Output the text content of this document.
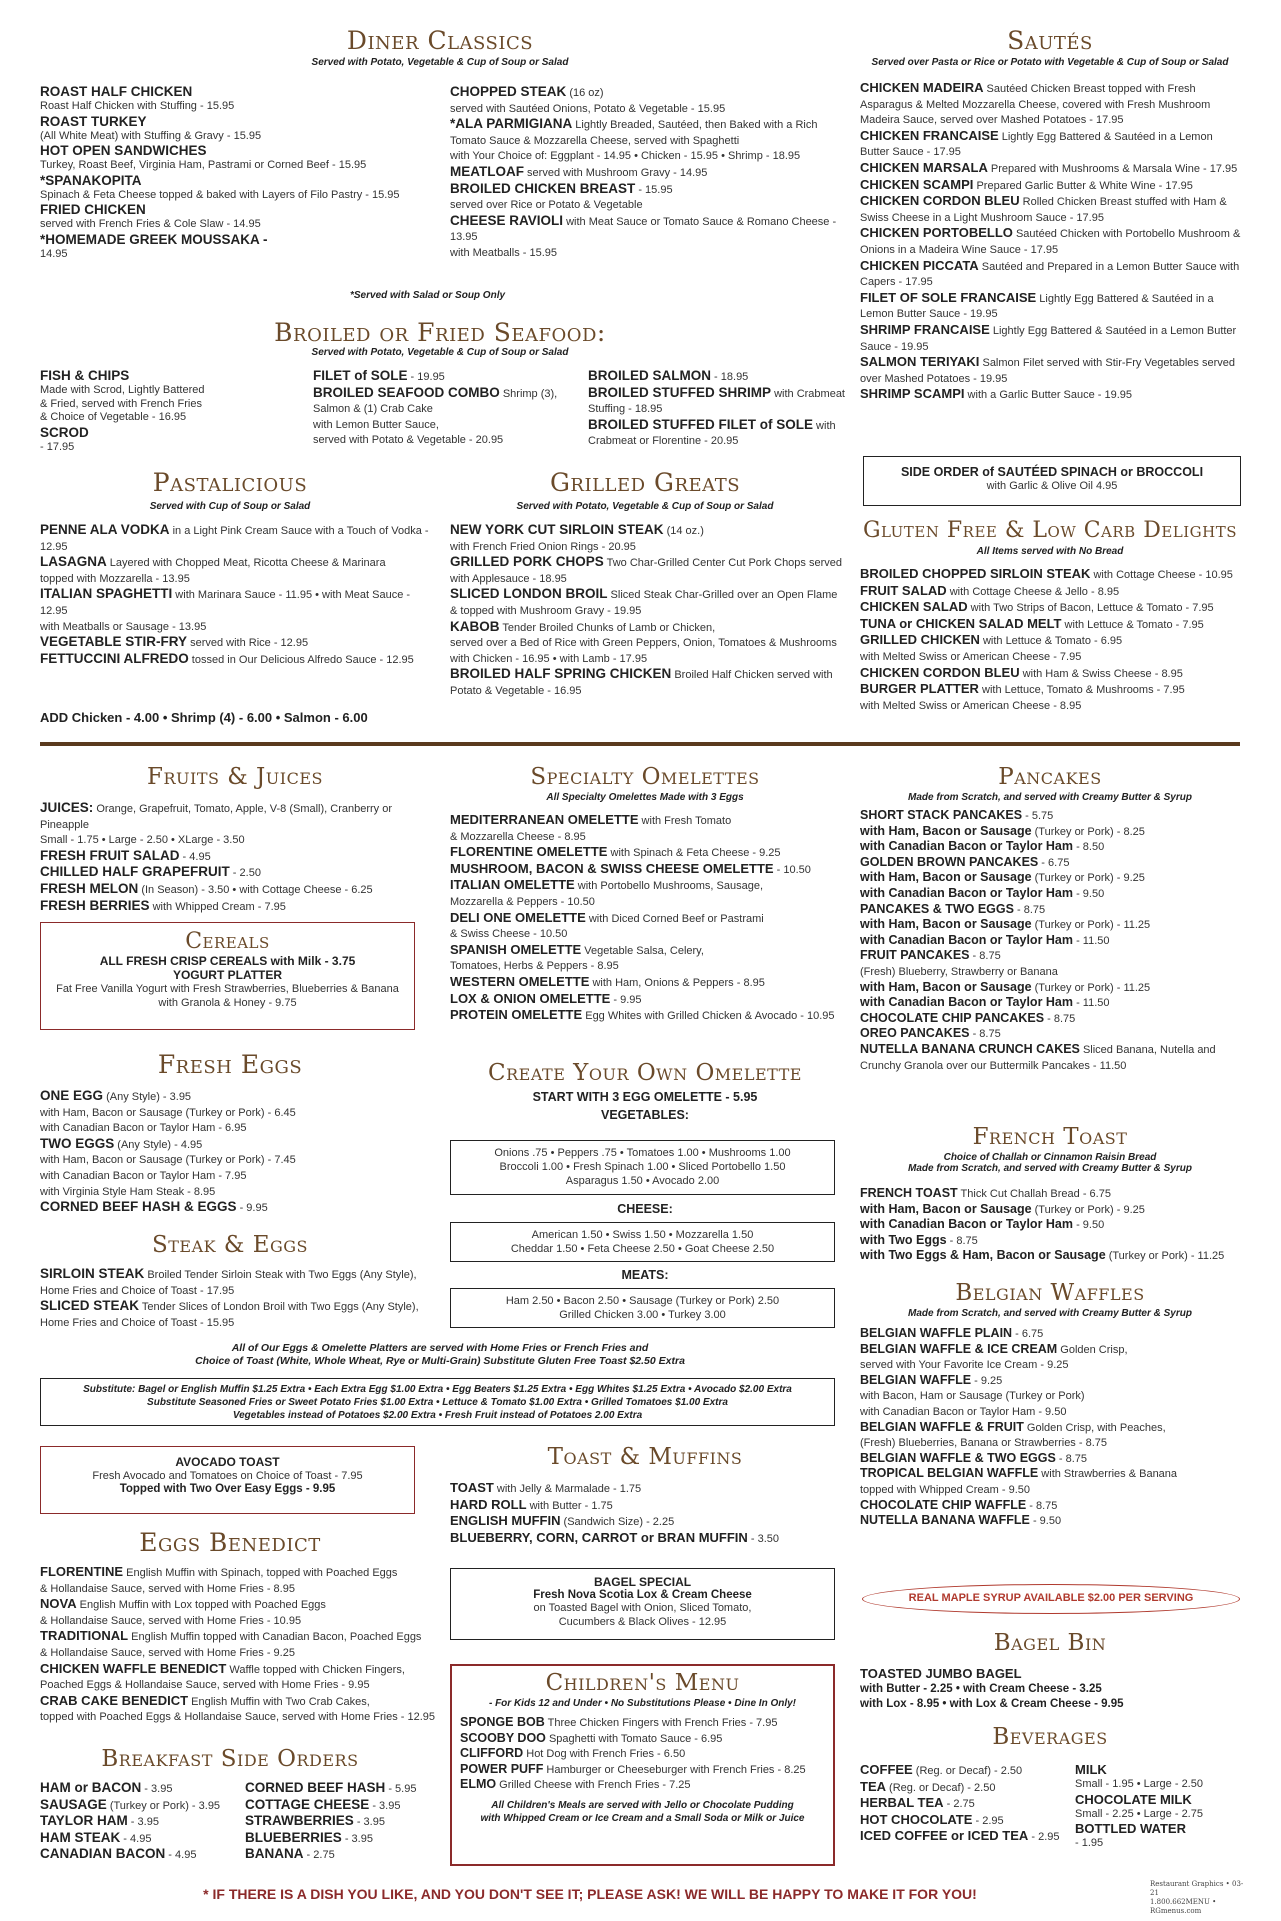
Diner Classics
Served with Potato, Vegetable & Cup of Soup or Salad
ROAST HALF CHICKEN
Roast Half Chicken with Stuffing - 15.95
ROAST TURKEY
(All White Meat) with Stuffing & Gravy - 15.95
HOT OPEN SANDWICHES
Turkey, Roast Beef, Virginia Ham, Pastrami or Corned Beef - 15.95
*SPANAKOPITA
Spinach & Feta Cheese topped & baked with Layers of Filo Pastry - 15.95
FRIED CHICKEN
served with French Fries & Cole Slaw - 14.95
*HOMEMADE GREEK MOUSSAKA -
14.95
CHOPPED STEAK (16 oz)
served with Sautéed Onions, Potato & Vegetable - 15.95
*ALA PARMIGIANA Lightly Breaded, Sautéed, then Baked with a Rich Tomato Sauce & Mozzarella Cheese, served with Spaghetti
with Your Choice of: Eggplant - 14.95 • Chicken - 15.95 • Shrimp - 18.95
MEATLOAF served with Mushroom Gravy - 14.95
BROILED CHICKEN BREAST - 15.95
served over Rice or Potato & Vegetable
CHEESE RAVIOLI with Meat Sauce or Tomato Sauce & Romano Cheese - 13.95
with Meatballs - 15.95
*Served with Salad or Soup Only
Broiled or Fried Seafood:
Served with Potato, Vegetable & Cup of Soup or Salad
FISH & CHIPS
Made with Scrod, Lightly Battered
& Fried, served with French Fries
& Choice of Vegetable - 16.95
SCROD
- 17.95
FILET of SOLE - 19.95
BROILED SEAFOOD COMBO Shrimp (3), Salmon & (1) Crab Cake
with Lemon Butter Sauce,
served with Potato & Vegetable - 20.95
BROILED SALMON - 18.95
BROILED STUFFED SHRIMP with Crabmeat Stuffing - 18.95
BROILED STUFFED FILET of SOLE with Crabmeat or Florentine - 20.95
Pastalicious
Served with Cup of Soup or Salad
PENNE ALA VODKA in a Light Pink Cream Sauce with a Touch of Vodka - 12.95
LASAGNA Layered with Chopped Meat, Ricotta Cheese & Marinara
topped with Mozzarella - 13.95
ITALIAN SPAGHETTI with Marinara Sauce - 11.95 • with Meat Sauce - 12.95
with Meatballs or Sausage - 13.95
VEGETABLE STIR-FRY served with Rice - 12.95
FETTUCCINI ALFREDO tossed in Our Delicious Alfredo Sauce - 12.95
ADD Chicken - 4.00 • Shrimp (4) - 6.00 • Salmon - 6.00
Grilled Greats
Served with Potato, Vegetable & Cup of Soup or Salad
NEW YORK CUT SIRLOIN STEAK (14 oz.)
with French Fried Onion Rings - 20.95
GRILLED PORK CHOPS Two Char-Grilled Center Cut Pork Chops served with Applesauce - 18.95
SLICED LONDON BROIL Sliced Steak Char-Grilled over an Open Flame
& topped with Mushroom Gravy - 19.95
KABOB Tender Broiled Chunks of Lamb or Chicken,
served over a Bed of Rice with Green Peppers, Onion, Tomatoes & Mushrooms
with Chicken - 16.95 • with Lamb - 17.95
BROILED HALF SPRING CHICKEN Broiled Half Chicken served with Potato & Vegetable - 16.95
Sautés
Served over Pasta or Rice or Potato with Vegetable & Cup of Soup or Salad
CHICKEN MADEIRA Sautéed Chicken Breast topped with Fresh Asparagus & Melted Mozzarella Cheese, covered with Fresh Mushroom Madeira Sauce, served over Mashed Potatoes - 17.95
CHICKEN FRANCAISE Lightly Egg Battered & Sautéed in a Lemon Butter Sauce - 17.95
CHICKEN MARSALA Prepared with Mushrooms & Marsala Wine - 17.95
CHICKEN SCAMPI Prepared Garlic Butter & White Wine - 17.95
CHICKEN CORDON BLEU Rolled Chicken Breast stuffed with Ham & Swiss Cheese in a Light Mushroom Sauce - 17.95
CHICKEN PORTOBELLO Sautéed Chicken with Portobello Mushroom & Onions in a Madeira Wine Sauce - 17.95
CHICKEN PICCATA Sautéed and Prepared in a Lemon Butter Sauce with Capers - 17.95
FILET OF SOLE FRANCAISE Lightly Egg Battered & Sautéed in a Lemon Butter Sauce - 19.95
SHRIMP FRANCAISE Lightly Egg Battered & Sautéed in a Lemon Butter Sauce - 19.95
SALMON TERIYAKI Salmon Filet served with Stir-Fry Vegetables served over Mashed Potatoes - 19.95
SHRIMP SCAMPI with a Garlic Butter Sauce - 19.95
SIDE ORDER of SAUTÉED SPINACH or BROCCOLI
with Garlic & Olive Oil 4.95
Gluten Free & Low Carb Delights
All Items served with No Bread
BROILED CHOPPED SIRLOIN STEAK with Cottage Cheese - 10.95
FRUIT SALAD with Cottage Cheese & Jello - 8.95
CHICKEN SALAD with Two Strips of Bacon, Lettuce & Tomato - 7.95
TUNA or CHICKEN SALAD MELT with Lettuce & Tomato - 7.95
GRILLED CHICKEN with Lettuce & Tomato - 6.95
with Melted Swiss or American Cheese - 7.95
CHICKEN CORDON BLEU with Ham & Swiss Cheese - 8.95
BURGER PLATTER with Lettuce, Tomato & Mushrooms - 7.95
with Melted Swiss or American Cheese - 8.95
Fruits & Juices
JUICES: Orange, Grapefruit, Tomato, Apple, V-8 (Small), Cranberry or Pineapple
Small - 1.75 • Large - 2.50 • XLarge - 3.50
FRESH FRUIT SALAD - 4.95
CHILLED HALF GRAPEFRUIT - 2.50
FRESH MELON (In Season) - 3.50 • with Cottage Cheese - 6.25
FRESH BERRIES with Whipped Cream - 7.95
Cereals
ALL FRESH CRISP CEREALS with Milk - 3.75
YOGURT PLATTER
Fat Free Vanilla Yogurt with Fresh Strawberries, Blueberries & Banana
with Granola & Honey - 9.75
Fresh Eggs
ONE EGG (Any Style) - 3.95
with Ham, Bacon or Sausage (Turkey or Pork) - 6.45
with Canadian Bacon or Taylor Ham - 6.95
TWO EGGS (Any Style) - 4.95
with Ham, Bacon or Sausage (Turkey or Pork) - 7.45
with Canadian Bacon or Taylor Ham - 7.95
with Virginia Style Ham Steak - 8.95
CORNED BEEF HASH & EGGS - 9.95
Steak & Eggs
SIRLOIN STEAK Broiled Tender Sirloin Steak with Two Eggs (Any Style),
Home Fries and Choice of Toast - 17.95
SLICED STEAK Tender Slices of London Broil with Two Eggs (Any Style),
Home Fries and Choice of Toast - 15.95
Specialty Omelettes
All Specialty Omelettes Made with 3 Eggs
MEDITERRANEAN OMELETTE with Fresh Tomato
& Mozzarella Cheese - 8.95
FLORENTINE OMELETTE with Spinach & Feta Cheese - 9.25
MUSHROOM, BACON & SWISS CHEESE OMELETTE - 10.50
ITALIAN OMELETTE with Portobello Mushrooms, Sausage,
Mozzarella & Peppers - 10.50
DELI ONE OMELETTE with Diced Corned Beef or Pastrami
& Swiss Cheese - 10.50
SPANISH OMELETTE Vegetable Salsa, Celery,
Tomatoes, Herbs & Peppers - 8.95
WESTERN OMELETTE with Ham, Onions & Peppers - 8.95
LOX & ONION OMELETTE - 9.95
PROTEIN OMELETTE Egg Whites with Grilled Chicken & Avocado - 10.95
Create Your Own Omelette
START WITH 3 EGG OMELETTE - 5.95
VEGETABLES:
Onions .75 • Peppers .75 • Tomatoes 1.00 • Mushrooms 1.00
Broccoli 1.00 • Fresh Spinach 1.00 • Sliced Portobello 1.50
Asparagus 1.50 • Avocado 2.00
CHEESE:
American 1.50 • Swiss 1.50 • Mozzarella 1.50
Cheddar 1.50 • Feta Cheese 2.50 • Goat Cheese 2.50
MEATS:
Ham 2.50 • Bacon 2.50 • Sausage (Turkey or Pork) 2.50
Grilled Chicken 3.00 • Turkey 3.00
All of Our Eggs & Omelette Platters are served with Home Fries or French Fries and
Choice of Toast (White, Whole Wheat, Rye or Multi-Grain) Substitute Gluten Free Toast $2.50 Extra
Substitute: Bagel or English Muffin $1.25 Extra • Each Extra Egg $1.00 Extra • Egg Beaters $1.25 Extra • Egg Whites $1.25 Extra • Avocado $2.00 Extra
Substitute Seasoned Fries or Sweet Potato Fries $1.00 Extra • Lettuce & Tomato $1.00 Extra • Grilled Tomatoes $1.00 Extra
Vegetables instead of Potatoes $2.00 Extra • Fresh Fruit instead of Potatoes 2.00 Extra
AVOCADO TOAST
Fresh Avocado and Tomatoes on Choice of Toast - 7.95
Topped with Two Over Easy Eggs - 9.95
Eggs Benedict
FLORENTINE English Muffin with Spinach, topped with Poached Eggs
& Hollandaise Sauce, served with Home Fries - 8.95
NOVA English Muffin with Lox topped with Poached Eggs
& Hollandaise Sauce, served with Home Fries - 10.95
TRADITIONAL English Muffin topped with Canadian Bacon, Poached Eggs
& Hollandaise Sauce, served with Home Fries - 9.25
CHICKEN WAFFLE BENEDICT Waffle topped with Chicken Fingers,
Poached Eggs & Hollandaise Sauce, served with Home Fries - 9.95
CRAB CAKE BENEDICT English Muffin with Two Crab Cakes,
topped with Poached Eggs & Hollandaise Sauce, served with Home Fries - 12.95
Breakfast Side Orders
HAM or BACON - 3.95
SAUSAGE (Turkey or Pork) - 3.95
TAYLOR HAM - 3.95
HAM STEAK - 4.95
CANADIAN BACON - 4.95
CORNED BEEF HASH - 5.95
COTTAGE CHEESE - 3.95
STRAWBERRIES - 3.95
BLUEBERRIES - 3.95
BANANA - 2.75
Toast & Muffins
TOAST with Jelly & Marmalade - 1.75
HARD ROLL with Butter - 1.75
ENGLISH MUFFIN (Sandwich Size) - 2.25
BLUEBERRY, CORN, CARROT or BRAN MUFFIN - 3.50
BAGEL SPECIAL
Fresh Nova Scotia Lox & Cream Cheese
on Toasted Bagel with Onion, Sliced Tomato,
Cucumbers & Black Olives - 12.95
Children's Menu
- For Kids 12 and Under • No Substitutions Please • Dine In Only!
SPONGE BOB Three Chicken Fingers with French Fries - 7.95
SCOOBY DOO Spaghetti with Tomato Sauce - 6.95
CLIFFORD Hot Dog with French Fries - 6.50
POWER PUFF Hamburger or Cheeseburger with French Fries - 8.25
ELMO Grilled Cheese with French Fries - 7.25
All Children's Meals are served with Jello or Chocolate Pudding
with Whipped Cream or Ice Cream and a Small Soda or Milk or Juice
Pancakes
Made from Scratch, and served with Creamy Butter & Syrup
SHORT STACK PANCAKES - 5.75
with Ham, Bacon or Sausage (Turkey or Pork) - 8.25
with Canadian Bacon or Taylor Ham - 8.50
GOLDEN BROWN PANCAKES - 6.75
with Ham, Bacon or Sausage (Turkey or Pork) - 9.25
with Canadian Bacon or Taylor Ham - 9.50
PANCAKES & TWO EGGS - 8.75
with Ham, Bacon or Sausage (Turkey or Pork) - 11.25
with Canadian Bacon or Taylor Ham - 11.50
FRUIT PANCAKES - 8.75
(Fresh) Blueberry, Strawberry or Banana
with Ham, Bacon or Sausage (Turkey or Pork) - 11.25
with Canadian Bacon or Taylor Ham - 11.50
CHOCOLATE CHIP PANCAKES - 8.75
OREO PANCAKES - 8.75
NUTELLA BANANA CRUNCH CAKES Sliced Banana, Nutella and
Crunchy Granola over our Buttermilk Pancakes - 11.50
French Toast
Choice of Challah or Cinnamon Raisin Bread
Made from Scratch, and served with Creamy Butter & Syrup
FRENCH TOAST Thick Cut Challah Bread - 6.75
with Ham, Bacon or Sausage (Turkey or Pork) - 9.25
with Canadian Bacon or Taylor Ham - 9.50
with Two Eggs - 8.75
with Two Eggs & Ham, Bacon or Sausage (Turkey or Pork) - 11.25
Belgian Waffles
Made from Scratch, and served with Creamy Butter & Syrup
BELGIAN WAFFLE PLAIN - 6.75
BELGIAN WAFFLE & ICE CREAM Golden Crisp,
served with Your Favorite Ice Cream - 9.25
BELGIAN WAFFLE - 9.25
with Bacon, Ham or Sausage (Turkey or Pork)
with Canadian Bacon or Taylor Ham - 9.50
BELGIAN WAFFLE & FRUIT Golden Crisp, with Peaches,
(Fresh) Blueberries, Banana or Strawberries - 8.75
BELGIAN WAFFLE & TWO EGGS - 8.75
TROPICAL BELGIAN WAFFLE with Strawberries & Banana
topped with Whipped Cream - 9.50
CHOCOLATE CHIP WAFFLE - 8.75
NUTELLA BANANA WAFFLE - 9.50
REAL MAPLE SYRUP AVAILABLE $2.00 PER SERVING
Bagel Bin
TOASTED JUMBO BAGEL
with Butter - 2.25 • with Cream Cheese - 3.25
with Lox - 8.95 • with Lox & Cream Cheese - 9.95
Beverages
COFFEE (Reg. or Decaf) - 2.50
TEA (Reg. or Decaf) - 2.50
HERBAL TEA - 2.75
HOT CHOCOLATE - 2.95
ICED COFFEE or ICED TEA - 2.95
MILK
Small - 1.95 • Large - 2.50
CHOCOLATE MILK
Small - 2.25 • Large - 2.75
BOTTLED WATER
- 1.95
* IF THERE IS A DISH YOU LIKE, AND YOU DON'T SEE IT; PLEASE ASK! WE WILL BE HAPPY TO MAKE IT FOR YOU!
Restaurant Graphics • 03-21
1.800.662MENU • RGmenus.com
